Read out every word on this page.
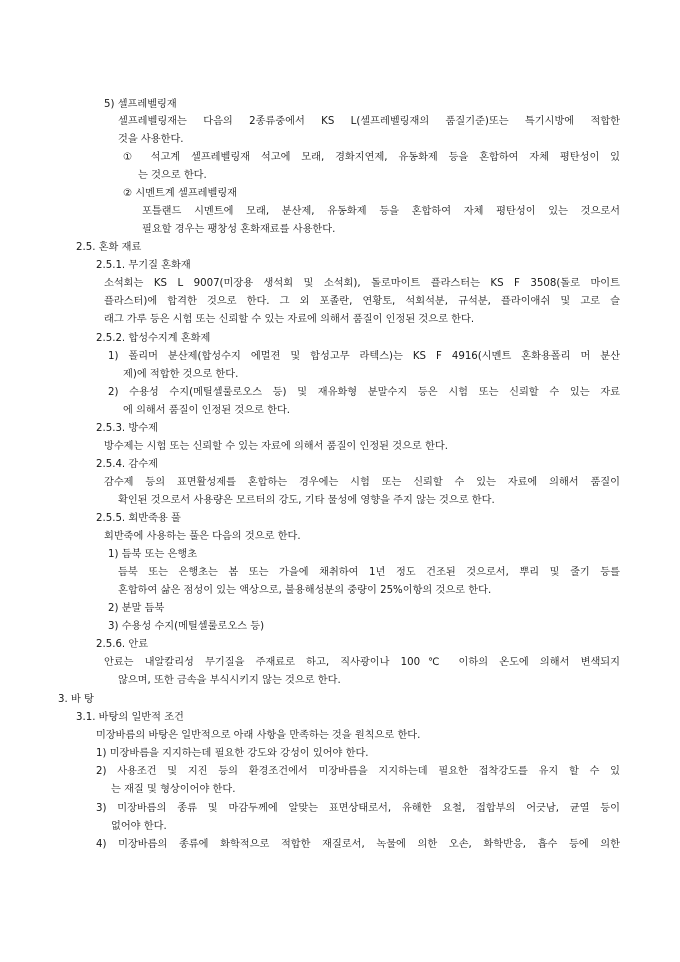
5) 셀프레벨링재
셀프레벨링재는 다음의 2종류중에서 KS L(셀프레벨링재의 품질기준)또는 특기시방에 적합한
것을 사용한다.
① 석고계 셀프레벨링재 석고에 모래, 경화지연제, 유동화제 등을 혼합하여 자체 평탄성이 있
는 것으로 한다.
② 시멘트계 셀프레벨링재
포틀랜드 시멘트에 모래, 분산제, 유동화제 등을 혼합하여 자체 평탄성이 있는 것으로서
필요할 경우는 팽창성 혼화재료를 사용한다.
2.5. 혼화 재료
2.5.1. 무기질 혼화재
소석회는 KS L 9007(미장용 생석회 및 소석회), 돌로마이트 플라스터는 KS F 3508(돌로 마이트
플라스터)에 합격한 것으로 한다. 그 외 포졸란, 연황토, 석회석분, 규석분, 플라이애쉬 및 고로 슬
래그 가루 등은 시험 또는 신뢰할 수 있는 자료에 의해서 품질이 인정된 것으로 한다.
2.5.2. 합성수지계 혼화제
1) 폴리머 분산제(합성수지 에멀젼 및 합성고무 라텍스)는 KS F 4916(시멘트 혼화용폴리 머 분산
제)에 적합한 것으로 한다.
2) 수용성 수지(메틸셀룰로오스 등) 및 재유화형 분말수지 등은 시험 또는 신뢰할 수 있는 자료
에 의해서 품질이 인정된 것으로 한다.
2.5.3. 방수제
방수제는 시험 또는 신뢰할 수 있는 자료에 의해서 품질이 인정된 것으로 한다.
2.5.4. 감수제
감수제 등의 표면활성제를 혼합하는 경우에는 시험 또는 신뢰할 수 있는 자료에 의해서 품질이
확인된 것으로서 사용량은 모르터의 강도, 기타 물성에 영향을 주지 않는 것으로 한다.
2.5.5. 회반죽용 풀
회반죽에 사용하는 풀은 다음의 것으로 한다.
1) 듬북 또는 은행초
듬북 또는 은행초는 봄 또는 가을에 채취하여 1년 정도 건조된 것으로서, 뿌리 및 줄기 등를
혼합하여 삶은 점성이 있는 액상으로, 불용해성분의 중량이 25%이항의 것으로 한다.
2) 분말 듬북
3) 수용성 수지(메틸셀룰로오스 등)
2.5.6. 안료
안료는 내알칼리성 무기질을 주재료로 하고, 직사광이나 100℃ 이하의 온도에 의해서 변색되지
않으며, 또한 금속을 부식시키지 않는 것으로 한다.
3. 바 탕
3.1. 바탕의 일반적 조건
미장바름의 바탕은 일반적으로 아래 사항을 만족하는 것을 원칙으로 한다.
1) 미장바름을 지지하는데 필요한 강도와 강성이 있어야 한다.
2) 사용조건 및 지진 등의 환경조건에서 미장바름을 지지하는데 필요한 접착강도를 유지 할 수 있
는 재질 및 형상이어야 한다.
3) 미장바름의 종류 및 마감두께에 알맞는 표면상태로서, 유해한 요철, 접합부의 어긋남, 균열 등이
없어야 한다.
4) 미장바름의 종류에 화학적으로 적합한 재질로서, 녹물에 의한 오손, 화학반응, 흡수 등에 의한
